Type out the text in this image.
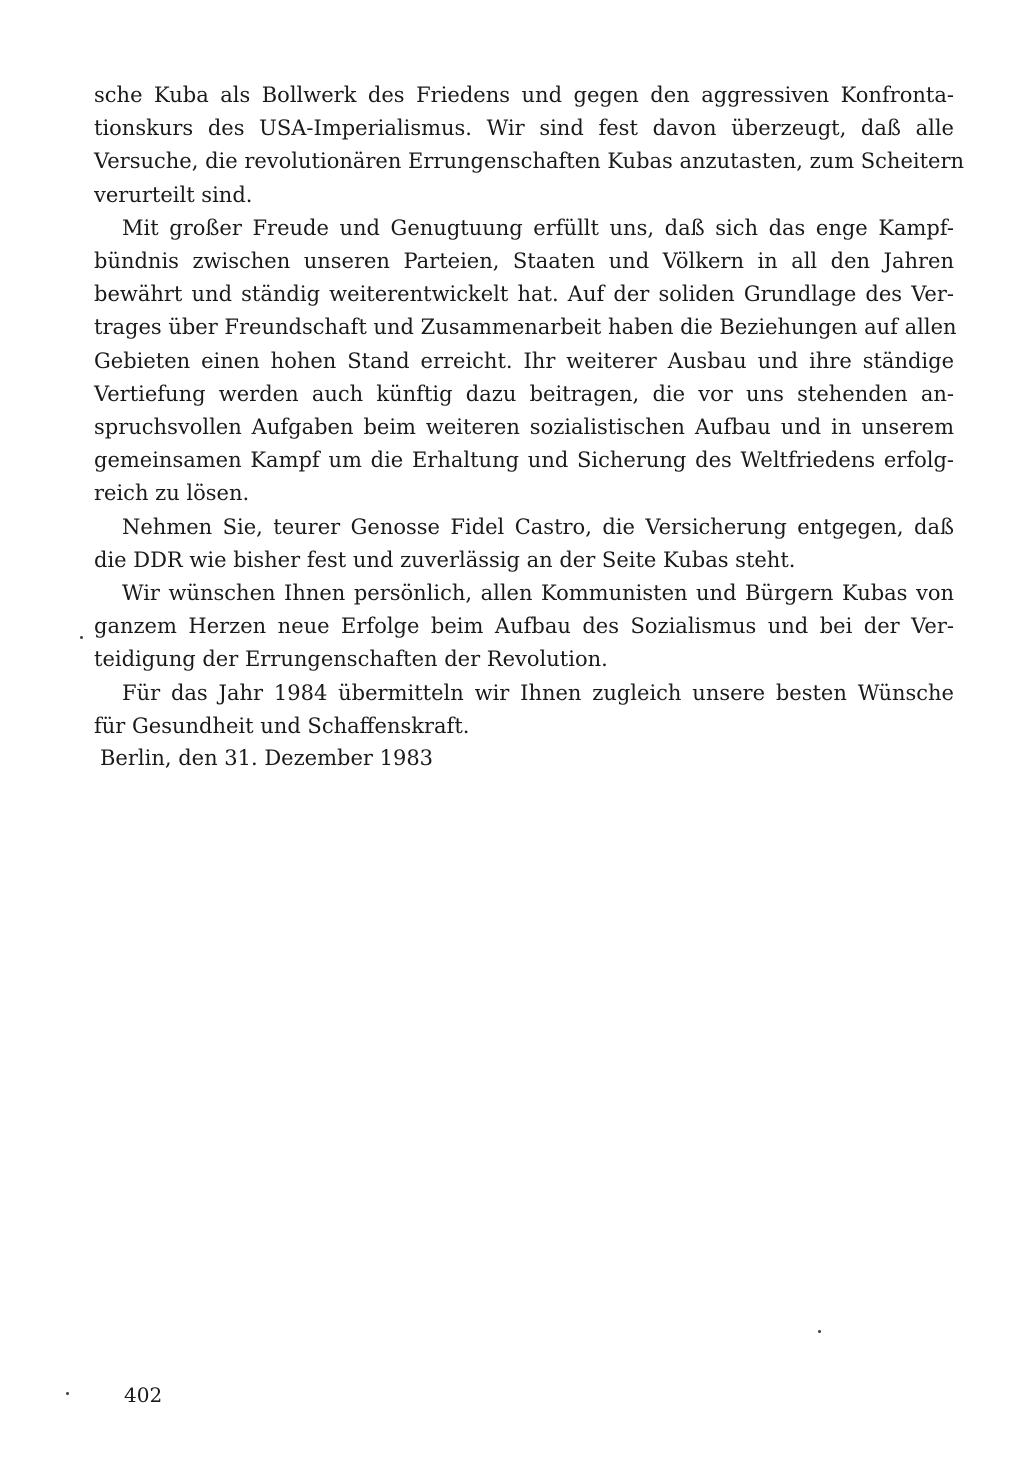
sche Kuba als Bollwerk des Friedens und gegen den aggressiven Konfronta-
tionskurs des USA-Imperialismus. Wir sind fest davon überzeugt, daß alle
Versuche, die revolutionären Errungenschaften Kubas anzutasten, zum Scheitern
verurteilt sind.
Mit großer Freude und Genugtuung erfüllt uns, daß sich das enge Kampf-
bündnis zwischen unseren Parteien, Staaten und Völkern in all den Jahren
bewährt und ständig weiterentwickelt hat. Auf der soliden Grundlage des Ver-
trages über Freundschaft und Zusammenarbeit haben die Beziehungen auf allen
Gebieten einen hohen Stand erreicht. Ihr weiterer Ausbau und ihre ständige
Vertiefung werden auch künftig dazu beitragen, die vor uns stehenden an-
spruchsvollen Aufgaben beim weiteren sozialistischen Aufbau und in unserem
gemeinsamen Kampf um die Erhaltung und Sicherung des Weltfriedens erfolg-
reich zu lösen.
Nehmen Sie, teurer Genosse Fidel Castro, die Versicherung entgegen, daß
die DDR wie bisher fest und zuverlässig an der Seite Kubas steht.
Wir wünschen Ihnen persönlich, allen Kommunisten und Bürgern Kubas von
ganzem Herzen neue Erfolge beim Aufbau des Sozialismus und bei der Ver-
teidigung der Errungenschaften der Revolution.
Für das Jahr 1984 übermitteln wir Ihnen zugleich unsere besten Wünsche
für Gesundheit und Schaffenskraft.
Berlin, den 31. Dezember 1983
402
